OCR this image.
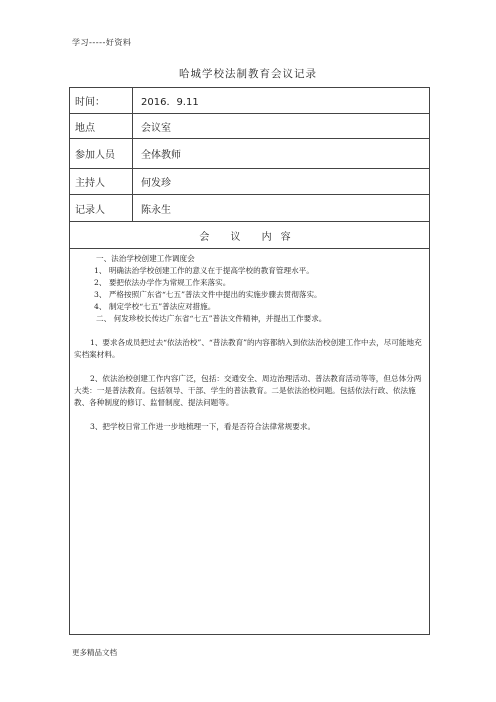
学习-----好资料
哈城学校法制教育会议记录
时间：	2016．9.11
地点	会议室
参加人员	全体教师
主持人	何发珍
记录人	陈永生
会 议 内容

一、法治学校创建工作调度会

1、 明确法治学校创建工作的意义在于提高学校的教育管理水平。

2、 要把依法办学作为常规工作来落实。

3、 严格按照广东省“七五”普法文件中提出的实施步骤去贯彻落实。

4、 制定学校“七五”普法应对措施。

二、 何发珍校长传达广东省“七五”普法文件精神，并提出工作要求。

1、要求各成员把过去“依法治校”、“普法教育”的内容都纳入到依法治校创建工作中去，尽可能地充实档案材料。

2、依法治校创建工作内容广泛，包括：交通安全、周边治理活动、普法教育活动等等，但总体分两大类：一是普法教育。包括领导、干部、学生的普法教育。二是依法治校问题。包括依法行政、依法施教、各种制度的修订、监督制度、提法问题等。

3、把学校日常工作进一步地梳理一下，看是否符合法律常规要求。

更多精品文档
